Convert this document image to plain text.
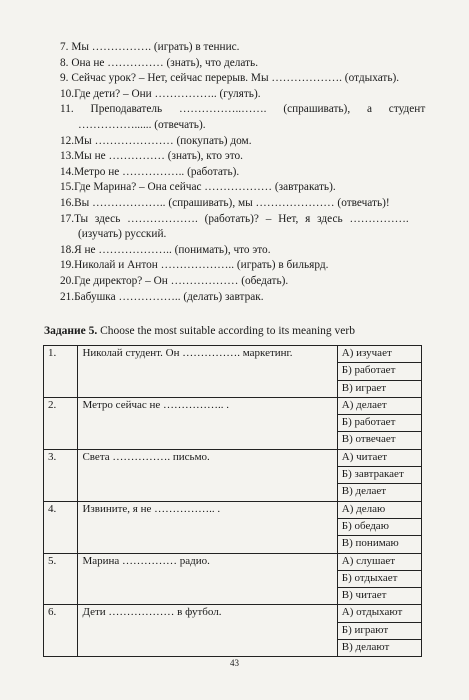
7. Мы ……………. (играть) в теннис.

8. Она не …………… (знать), что делать.

9. Сейчас урок? – Нет, сейчас перерыв. Мы ………………. (отдыхать).

10.Где дети? – Они …………….. (гулять).

11. Преподаватель ……………..……. (спрашивать), а студент
……………...... (отвечать).

12.Мы ………………… (покупать) дом.

13.Мы не …………… (знать), кто это.

14.Метро не …………….. (работать).

15.Где Марина? – Она сейчас ……………… (завтракать).

16.Вы ……………….. (спрашивать), мы ………………… (отвечать)!

17.Ты здесь ………………. (работать)? – Нет, я здесь …………….
(изучать) русский.

18.Я не ……………….. (понимать), что это.

19.Николай и Антон ……………….. (играть) в бильярд.

20.Где директор? – Он ……………… (обедать).

21.Бабушка …………….. (делать) завтрак.

Задание 5. Choose the most suitable according to its meaning verb
1.	Николай студент. Он ……………. маркетинг.	А) изучает
		Б) работает
		В) играет
2.	Метро сейчас не …………….. .	А) делает
		Б) работает
		В) отвечает
3.	Света ……………. письмо.	А) читает
		Б) завтракает
		В) делает
4.	Извините, я не …………….. .	А) делаю
		Б) обедаю
		В) понимаю
5.	Марина …………… радио.	А) слушает
		Б) отдыхает
		В) читает
6.	Дети ……………… в футбол.	А) отдыхают
		Б) играют
		В) делают
43
